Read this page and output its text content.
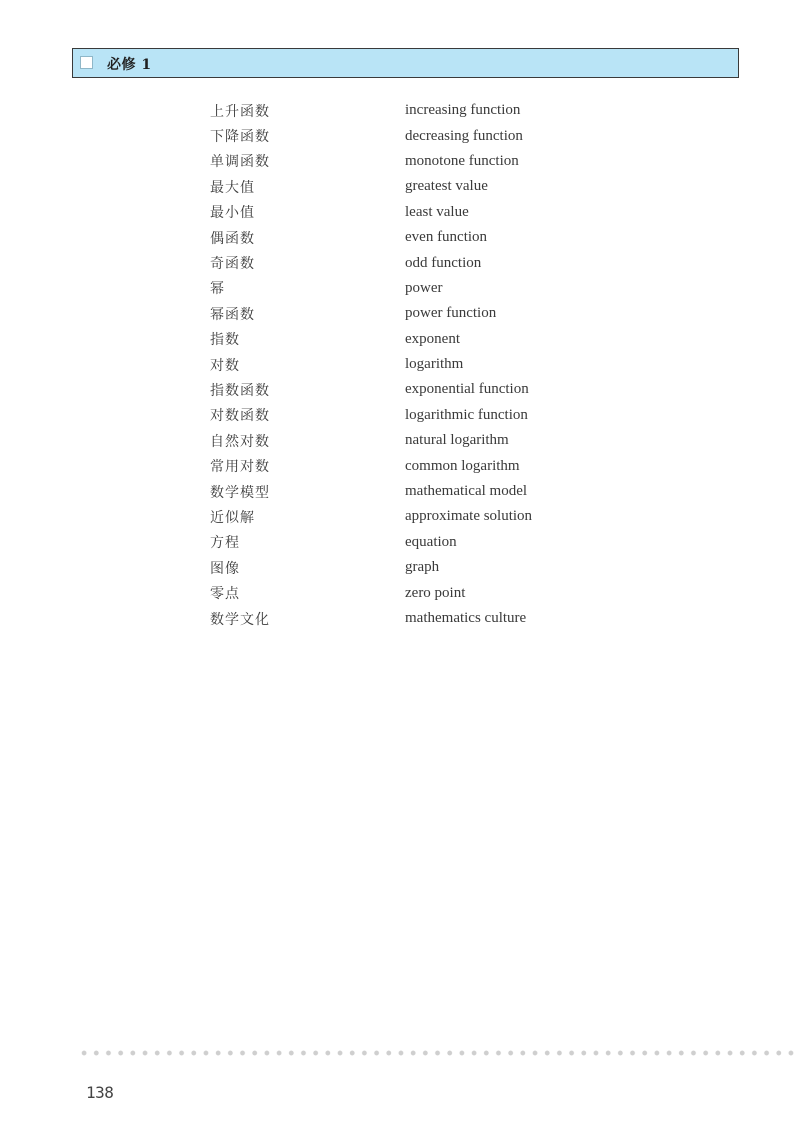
必修 1
上升函数	increasing function
下降函数	decreasing function
单调函数	monotone function
最大值	greatest value
最小值	least value
偶函数	even function
奇函数	odd function
幂	power
幂函数	power function
指数	exponent
对数	logarithm
指数函数	exponential function
对数函数	logarithmic function
自然对数	natural logarithm
常用对数	common logarithm
数学模型	mathematical model
近似解	approximate solution
方程	equation
图像	graph
零点	zero point
数学文化	mathematics culture
138
